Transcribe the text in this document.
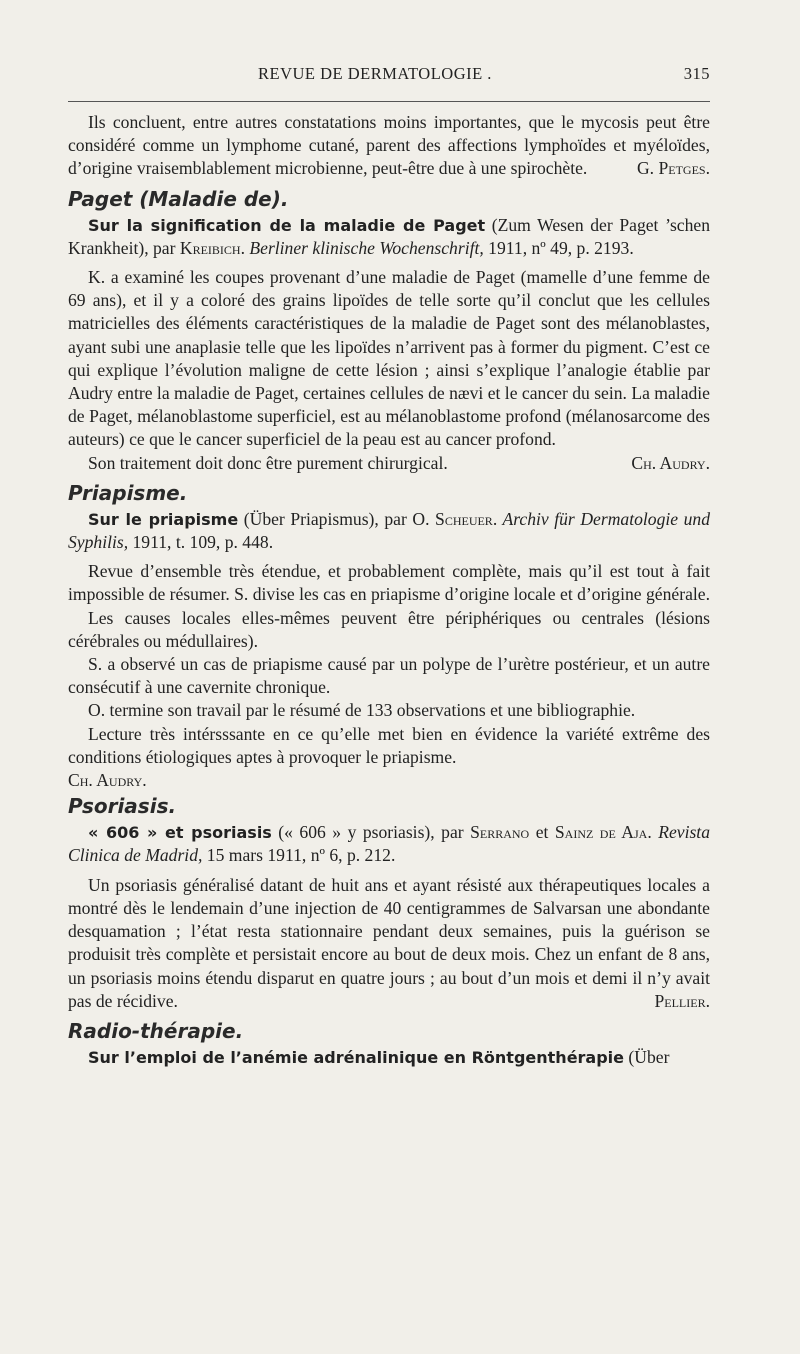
REVUE DE DERMATOLOGIE .	315

Ils concluent, entre autres constatations moins importantes, que le mycosis peut être considéré comme un lymphome cutané, parent des affections lymphoïdes et myéloïdes, d’origine vraisemblablement microbienne, peut-être due à une spirochète.	G. Petges.

Paget (Maladie de).

Sur la signification de la maladie de Paget (Zum Wesen der Paget ’schen Krankheit), par Kreibich. Berliner klinische Wochenschrift, 1911, nº 49, p. 2193.

K. a examiné les coupes provenant d’une maladie de Paget (mamelle d’une femme de 69 ans), et il y a coloré des grains lipoïdes de telle sorte qu’il conclut que les cellules matricielles des éléments caractéristiques de la maladie de Paget sont des mélanoblastes, ayant subi une anaplasie telle que les lipoïdes n’arrivent pas à former du pigment. C’est ce qui explique l’évolution maligne de cette lésion ; ainsi s’explique l’analogie établie par Audry entre la maladie de Paget, certaines cellules de nævi et le cancer du sein. La maladie de Paget, mélanoblastome superficiel, est au mélanoblastome profond (mélanosarcome des auteurs) ce que le cancer superficiel de la peau est au cancer profond.

Son traitement doit donc être purement chirurgical.	Ch. Audry.

Priapisme.

Sur le priapisme (Über Priapismus), par O. Scheuer. Archiv für Dermatologie und Syphilis, 1911, t. 109, p. 448.

Revue d’ensemble très étendue, et probablement complète, mais qu’il est tout à fait impossible de résumer. S. divise les cas en priapisme d’origine locale et d’origine générale.

Les causes locales elles-mêmes peuvent être périphériques ou centrales (lésions cérébrales ou médullaires).

S. a observé un cas de priapisme causé par un polype de l’urètre postérieur, et un autre consécutif à une cavernite chronique.

O. termine son travail par le résumé de 133 observations et une bibliographie.

Lecture très intérsssante en ce qu’elle met bien en évidence la variété extrême des conditions étiologiques aptes à provoquer le priapisme.

Ch. Audry.

Psoriasis.

« 606 » et psoriasis (« 606 » y psoriasis), par Serrano et Sainz de Aja. Revista Clinica de Madrid, 15 mars 1911, nº 6, p. 212.

Un psoriasis généralisé datant de huit ans et ayant résisté aux thérapeutiques locales a montré dès le lendemain d’une injection de 40 centigrammes de Salvarsan une abondante desquamation ; l’état resta stationnaire pendant deux semaines, puis la guérison se produisit très complète et persistait encore au bout de deux mois. Chez un enfant de 8 ans, un psoriasis moins étendu disparut en quatre jours ; au bout d’un mois et demi il n’y avait pas de récidive.	Pellier.

Radio-thérapie.

Sur l’emploi de l’anémie adrénalinique en Röntgenthérapie (Über
